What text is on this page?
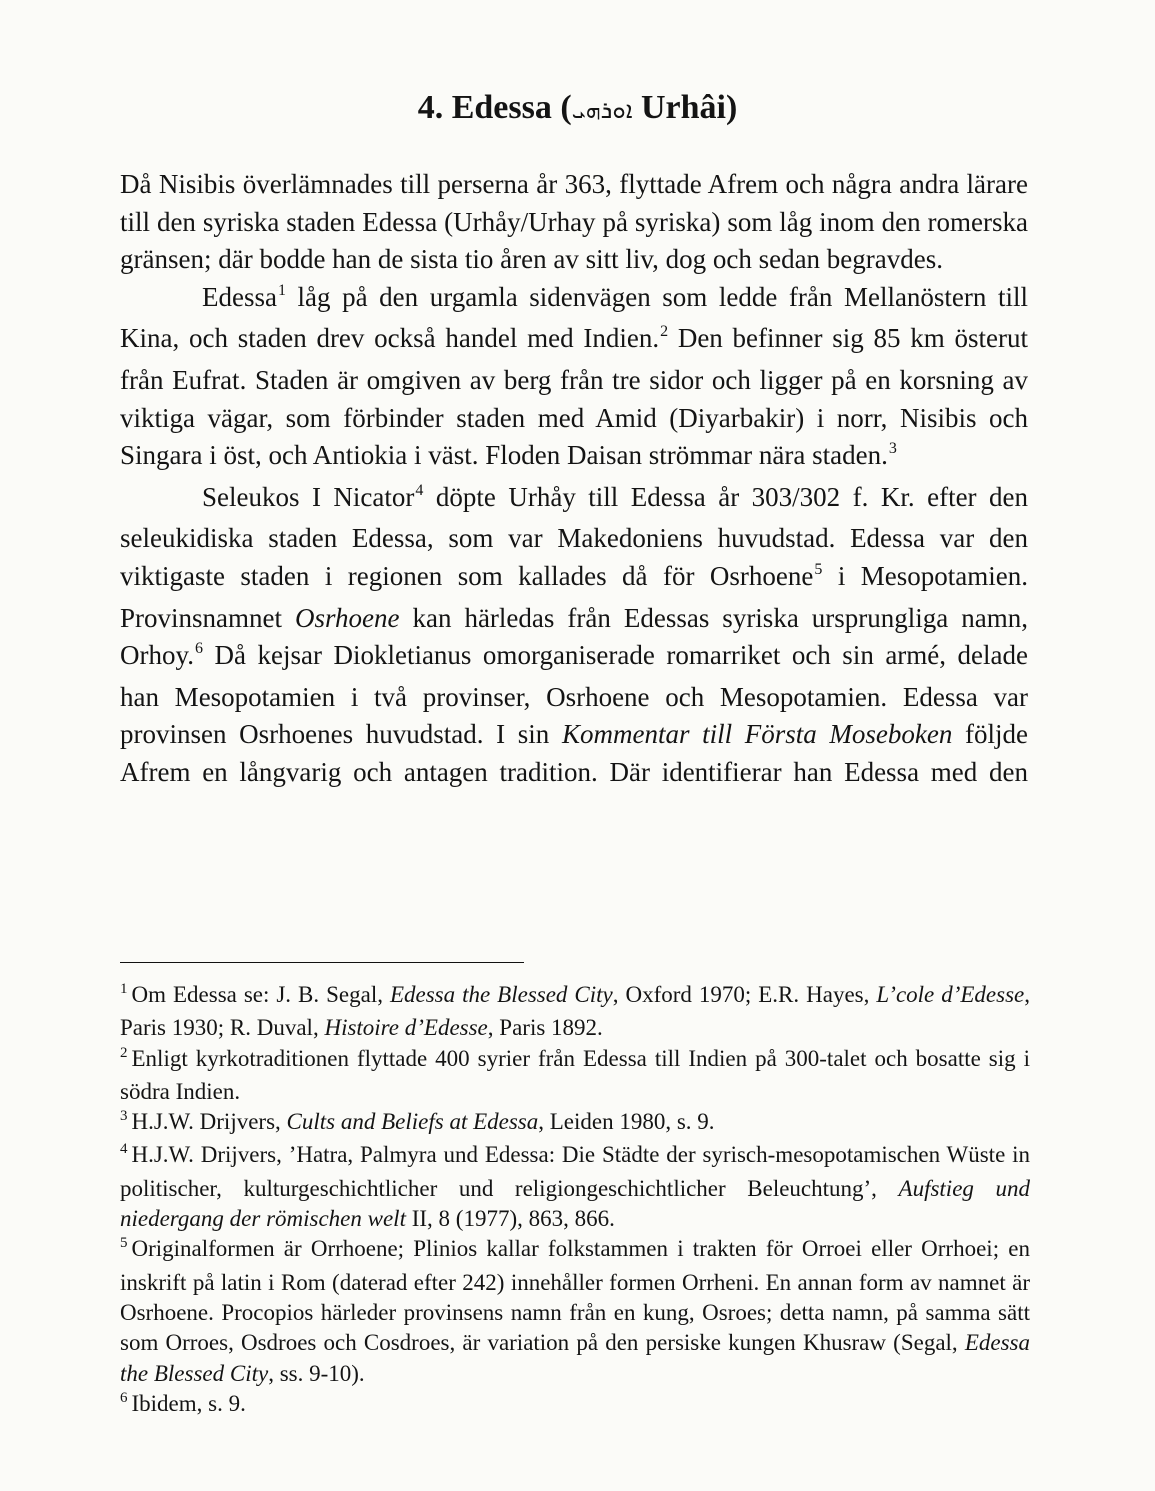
4. Edessa (ܐܘܪܗܝ Urhâi)

Då Nisibis överlämnades till perserna år 363, flyttade Afrem och några andra lärare till den syriska staden Edessa (Urhåy/Urhay på syriska) som låg inom den romerska gränsen; där bodde han de sista tio åren av sitt liv, dog och sedan begravdes.

Edessa$^1$ låg på den urgamla sidenvägen som ledde från Mellanöstern till Kina, och staden drev också handel med Indien.$^2$ Den befinner sig 85 km österut från Eufrat. Staden är omgiven av berg från tre sidor och ligger på en korsning av viktiga vägar, som förbinder staden med Amid (Diyarbakir) i norr, Nisibis och Singara i öst, och Antiokia i väst. Floden Daisan strömmar nära staden.$^3$

Seleukos I Nicator$^4$ döpte Urhåy till Edessa år 303/302 f. Kr. efter den seleukidiska staden Edessa, som var Makedoniens huvudstad. Edessa var den viktigaste staden i regionen som kallades då för Osrhoene$^5$ i Mesopotamien. Provinsnamnet Osrhoene kan härledas från Edessas syriska ursprungliga namn, Orhoy.$^6$ Då kejsar Diokletianus omorganiserade romarriket och sin armé, delade han Mesopotamien i två provinser, Osrhoene och Mesopotamien. Edessa var provinsen Osrhoenes huvudstad. I sin Kommentar till Första Moseboken följde Afrem en långvarig och antagen tradition. Där identifierar han Edessa med den

$^1$ Om Edessa se: J. B. Segal, Edessa the Blessed City, Oxford 1970; E.R. Hayes, L’cole d’Edesse, Paris 1930; R. Duval, Histoire d’Edesse, Paris 1892.

$^2$ Enligt kyrkotraditionen flyttade 400 syrier från Edessa till Indien på 300-talet och bosatte sig i södra Indien.

$^3$ H.J.W. Drijvers, Cults and Beliefs at Edessa, Leiden 1980, s. 9.

$^4$ H.J.W. Drijvers, ’Hatra, Palmyra und Edessa: Die Städte der syrisch-mesopotamischen Wüste in politischer, kulturgeschichtlicher und religiongeschichtlicher Beleuchtung’, Aufstieg und niedergang der römischen welt II, 8 (1977), 863, 866.

$^5$ Originalformen är Orrhoene; Plinios kallar folkstammen i trakten för Orroei eller Orrhoei; en inskrift på latin i Rom (daterad efter 242) innehåller formen Orrheni. En annan form av namnet är Osrhoene. Procopios härleder provinsens namn från en kung, Osroes; detta namn, på samma sätt som Orroes, Osdroes och Cosdroes, är variation på den persiske kungen Khusraw (Segal, Edessa the Blessed City, ss. 9-10).

$^6$ Ibidem, s. 9.
